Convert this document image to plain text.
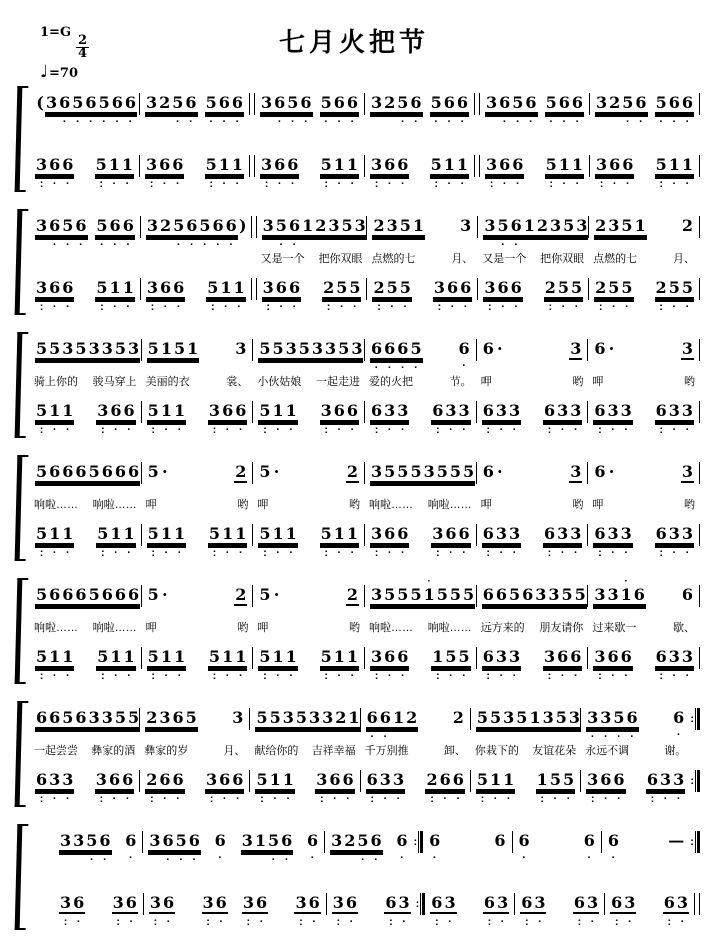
1=G
$\frac{2}{4}$
♩=70
七月火把节

(

3

6
·

5
·

6
·

5
·

6
·

6
·

3

2

5
·

6
·

5
·

6
·

6
·

3

6
·

5
·

6
·

5
·

6
·

6
·

3

2

5
·

6
·

5
·

6
·

6
·

3

6
·

5
·

6
·

5
·

6
·

6
·

3

2

5
·

6
·

5
·

6
·

6
·

3
:

6
·

6
·

5
:

1
·

1
·

3
:

6
·

6
·

5
:

1
·

1
·

3
:

6
·

6
·

5
:

1
·

1
·

3
:

6
·

6
·

5
:

1
·

1
·

3
:

6
·

6
·

5
:

1
·

1
·

3
:

6
·

6
·

5
:

1
·

1
·

3

6
·

5
·

6
·

5
·

6
·

6
·

3

2

5
·

6
·

5
·

6
·

6
·

)

3

5
·

6
·

1

2

3

5

3

2

3

5

1

3

3

5
·

6
·

1

2

3

5

3

2

3

5

1

2

又是一个 把你双眼 点燃的七	月、 又是一个 把你双眼 点燃的七	月、

3
:

6
·

6
·

5
:

1
·

1
·

3
:

6
·

6
·

5
:

1
·

1
·

3
:

6
·

6
·

2
:

5
·

5
·

2
:

5
·

5
·

3
:

6
·

6
·

3
:

6
·

6
·

2
:

5
·

5
·

2
:

5
·

5
·

2
:

5
·

5
·

5

5

3

5

3

3

5

3

5

1

5

1

3

5

5

3

5

3

3

5

3

6
·

6
·

6
·

5
·

6
·

6

·

	3

6

·

	3

骑上你的 骏马穿上 美丽的衣	裳、 小伙姑娘 一起走进 爱的火把	节。 呷	哟 呷	哟

5
:

1
·

1
·

3
:

6
·

6
·

5
:

1
·

1
·

3
:

6
·

6
·

5
:

1
·

1
·

3
:

6
·

6
·

6
:

3
·

3
·

6
:

3
·

3
·

6
:

3
·

3
·

6
:

3
·

3
·

6
:

3
·

3
·

6
:

3
·

3
·

5

6

6

6

5

6

6

6

5

·

	2

5

·

	2

3

5

5

5

3

5

5

5

6

·

	3

6

·

	3

响啦…… 响啦…… 呷	哟 呷	哟 响啦…… 响啦…… 呷	哟 呷	哟

5
:

1
·

1
·

5
:

1
·

1
·

5
:

1
·

1
·

5
:

1
·

1
·

5
:

1
·

1
·

5
:

1
·

1
·

3
:

6
·

6
·

3
:

6
·

6
·

6
:

3
·

3
·

6
:

3
·

3
·

6
:

3
·

3
·

6
:

3
·

3
·

5

6

6

6

5

6

6

6

5

·

	2

5

·

	2

3

5

5

5

·
1

5

5

5

6

6

5

6

3

3

5

5

3

3

·
1

6

6

响啦…… 响啦…… 呷	哟 呷	哟 响啦…… 响啦…… 远方来的 朋友请你 过来歇一	歇、

5
:

1
·

1
·

5
:

1
·

1
·

5
:

1
·

1
·

5
:

1
·

1
·

5
:

1
·

1
·

5
:

1
·

1
·

3
:

6
·

6
·

1
:

5
·

5
·

6
:

3
·

3
·

3
:

6
·

6
·

3
:

6
·

6
·

6
:

3
·

3
·

6

6

5

6

3

3

5

5

2

3

6

5

3

5

5

3

5

3

3

2

1

6
·

6
·

1

2

2

5

5

3

5

1

3

5

3

3
·

3
·

5
·

6
·

6
·
:
一起尝尝 彝家的酒 彝家的岁	月、 献给你的 吉祥幸福 千万别推	卸、 你栽下的 友谊花朵 永远不调	谢。

6
:

3
·

3
·

3
:

6
·

6
·

2
:

6
·

6
·

3
:

6
·

6
·

5
:

1
·

1
·

3
:

6
·

6
·

6
:

3
·

3
·

2
:

6
·

6
·

5
:

1
·

1
·

1
:

5
·

5
·

3
:

6
·

6
·

6
:

3
·

3
·
:

3

3

5
·

6
·

6
·

3

6
·

5
·

6
·

6
·

3

1

5
·

6
·

6
·

3

2

5
·

6
·

6
·
:
6
·

6

6
·

6
·

6
·

—
:

3
:

6
·

3
:

6
·

3
:

6
·

3
:

6
·

3
:

6
·

3
:

6
·

3
:

6
·

6
:

3
·
:
6
:

3
·

6
:

3
·

6
:

3
·

6
:

3
·

6
:

3
·

6
:

3
·
